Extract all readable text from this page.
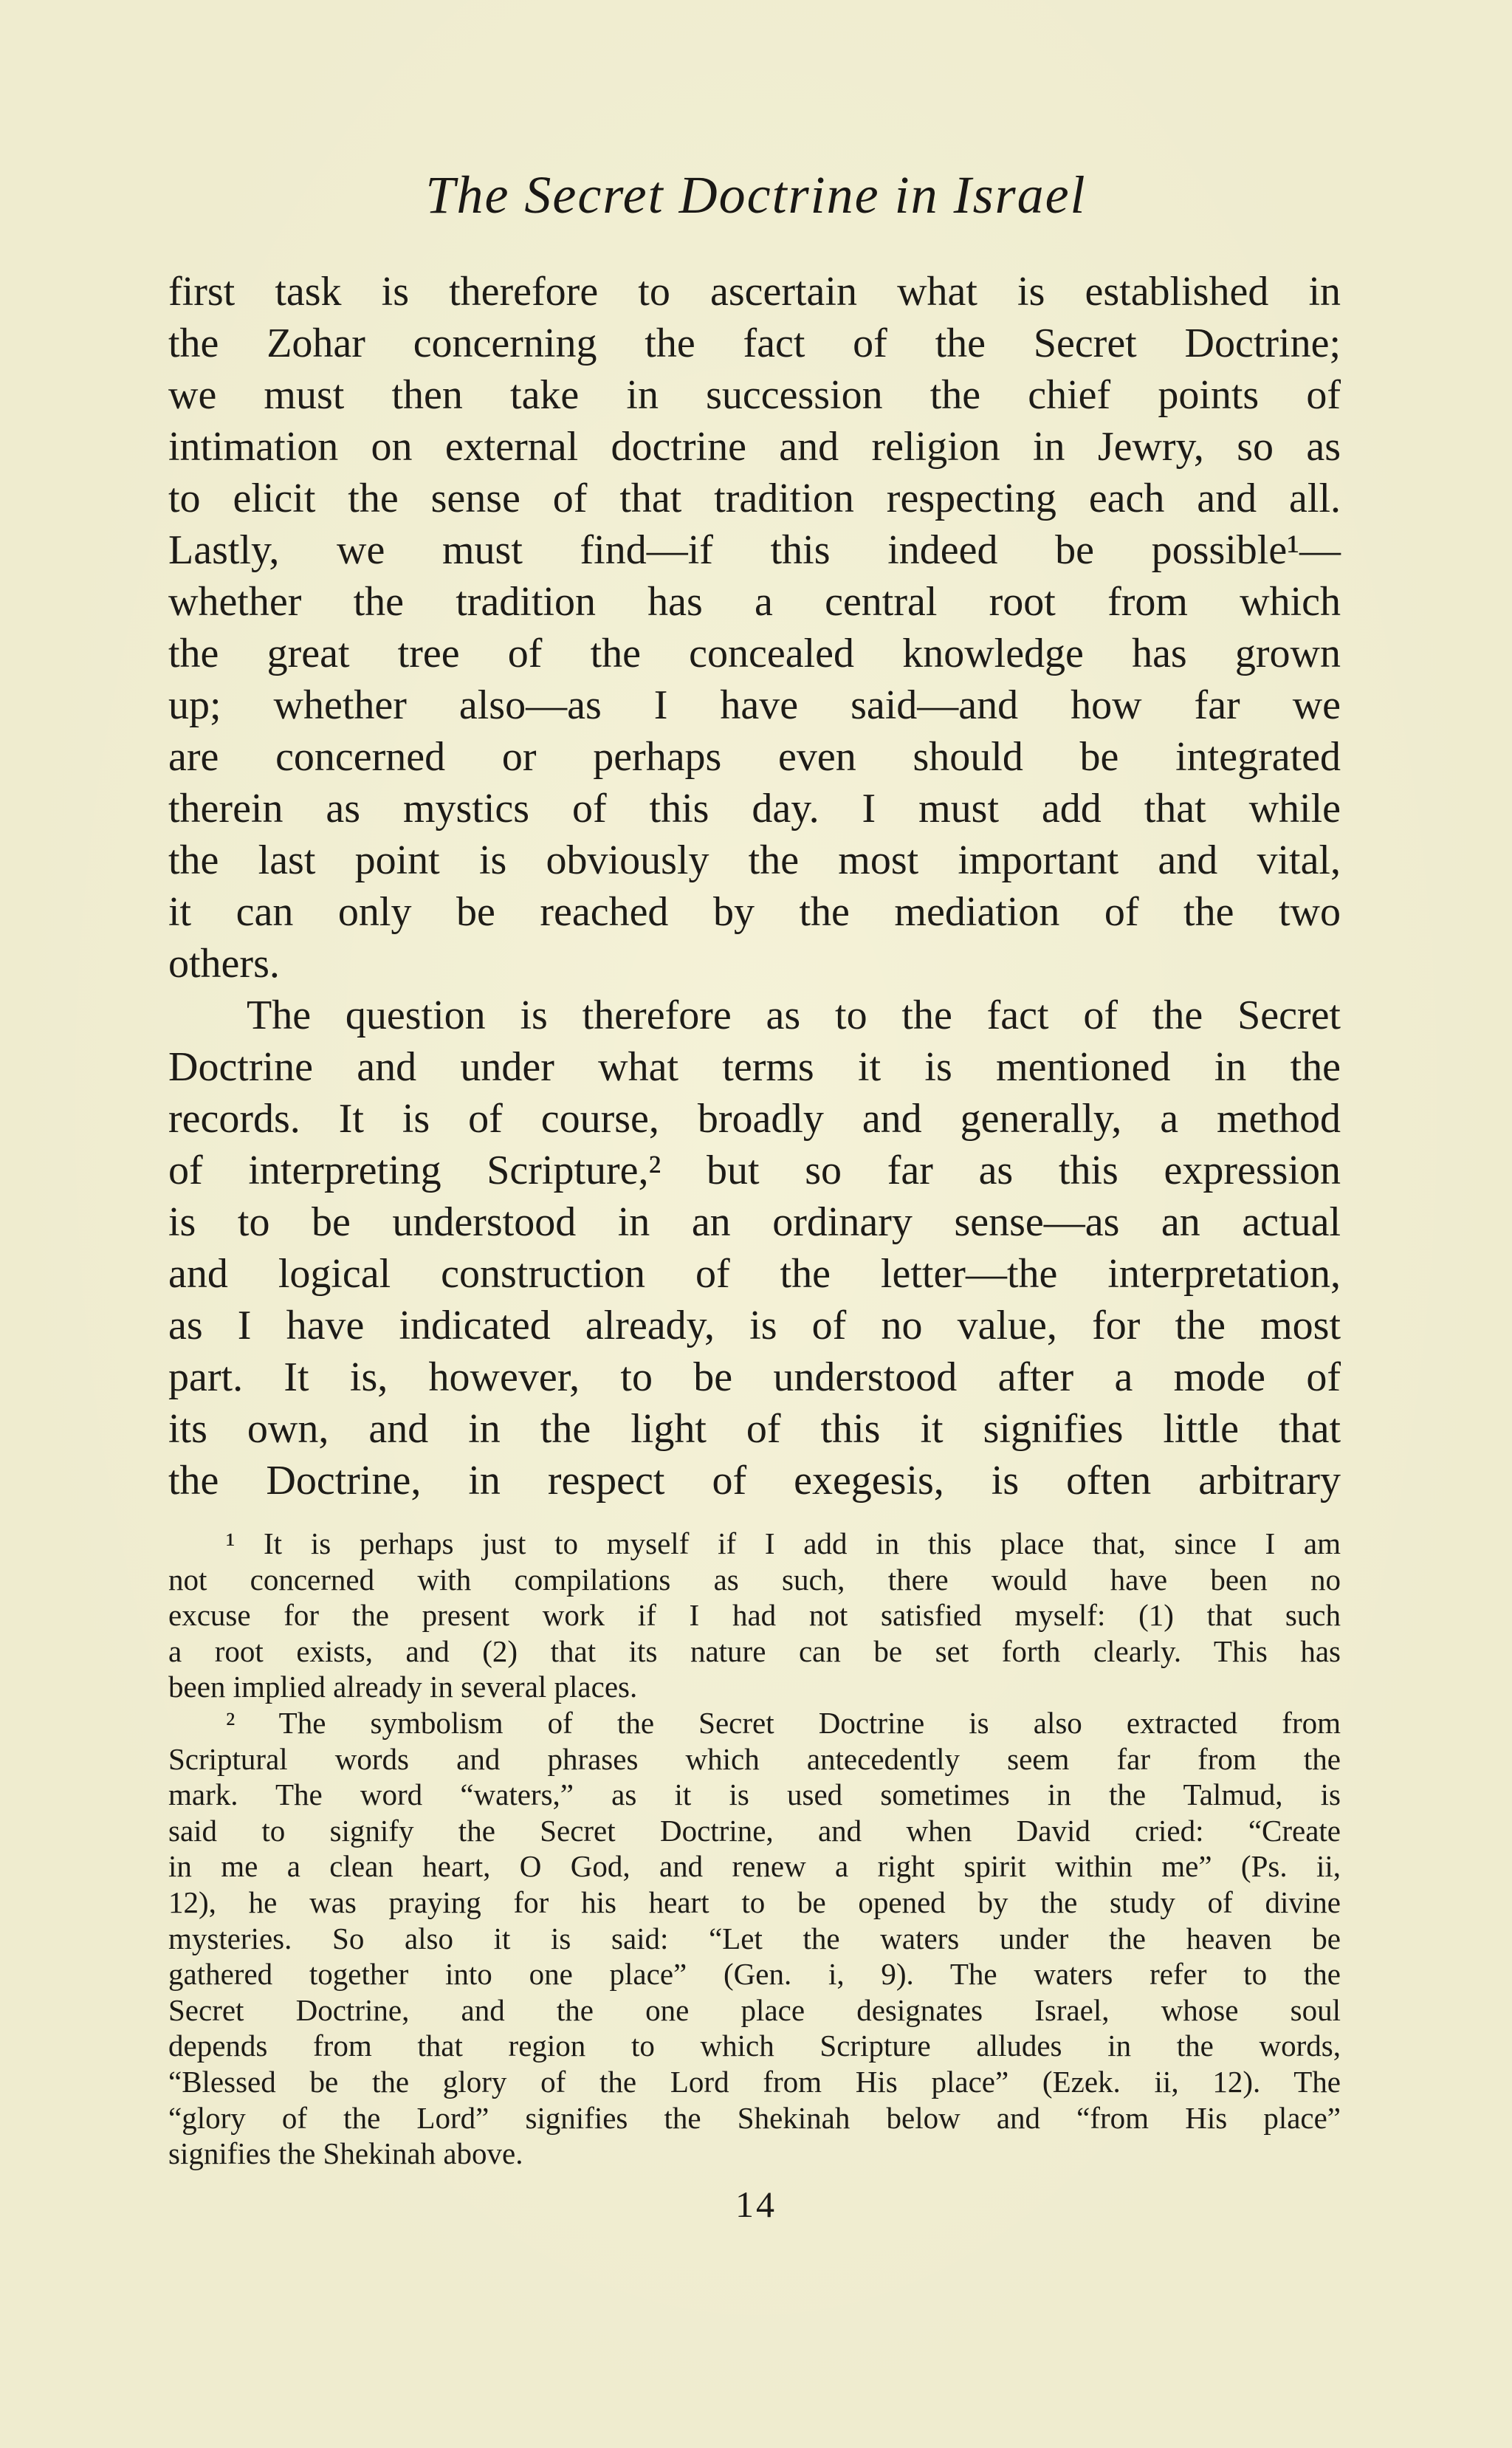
The Secret Doctrine in Israel
first task is therefore to ascertain what is established in
the Zohar concerning the fact of the Secret Doctrine;
we must then take in succession the chief points of
intimation on external doctrine and religion in Jewry, so as
to elicit the sense of that tradition respecting each and all.
Lastly, we must find—if this indeed be possible¹—
whether the tradition has a central root from which
the great tree of the concealed knowledge has grown
up; whether also—as I have said—and how far we
are concerned or perhaps even should be integrated
therein as mystics of this day. I must add that while
the last point is obviously the most important and vital,
it can only be reached by the mediation of the two
others.
The question is therefore as to the fact of the Secret
Doctrine and under what terms it is mentioned in the
records. It is of course, broadly and generally, a method
of interpreting Scripture,² but so far as this expression
is to be understood in an ordinary sense—as an actual
and logical construction of the letter—the interpretation,
as I have indicated already, is of no value, for the most
part. It is, however, to be understood after a mode of
its own, and in the light of this it signifies little that
the Doctrine, in respect of exegesis, is often arbitrary
¹ It is perhaps just to myself if I add in this place that, since I am
not concerned with compilations as such, there would have been no
excuse for the present work if I had not satisfied myself: (1) that such
a root exists, and (2) that its nature can be set forth clearly. This has
been implied already in several places.
² The symbolism of the Secret Doctrine is also extracted from
Scriptural words and phrases which antecedently seem far from the
mark. The word “waters,” as it is used sometimes in the Talmud, is
said to signify the Secret Doctrine, and when David cried: “Create
in me a clean heart, O God, and renew a right spirit within me” (Ps. ii,
12), he was praying for his heart to be opened by the study of divine
mysteries. So also it is said: “Let the waters under the heaven be
gathered together into one place” (Gen. i, 9). The waters refer to the
Secret Doctrine, and the one place designates Israel, whose soul
depends from that region to which Scripture alludes in the words,
“Blessed be the glory of the Lord from His place” (Ezek. ii, 12). The
“glory of the Lord” signifies the Shekinah below and “from His place”
signifies the Shekinah above.
14
